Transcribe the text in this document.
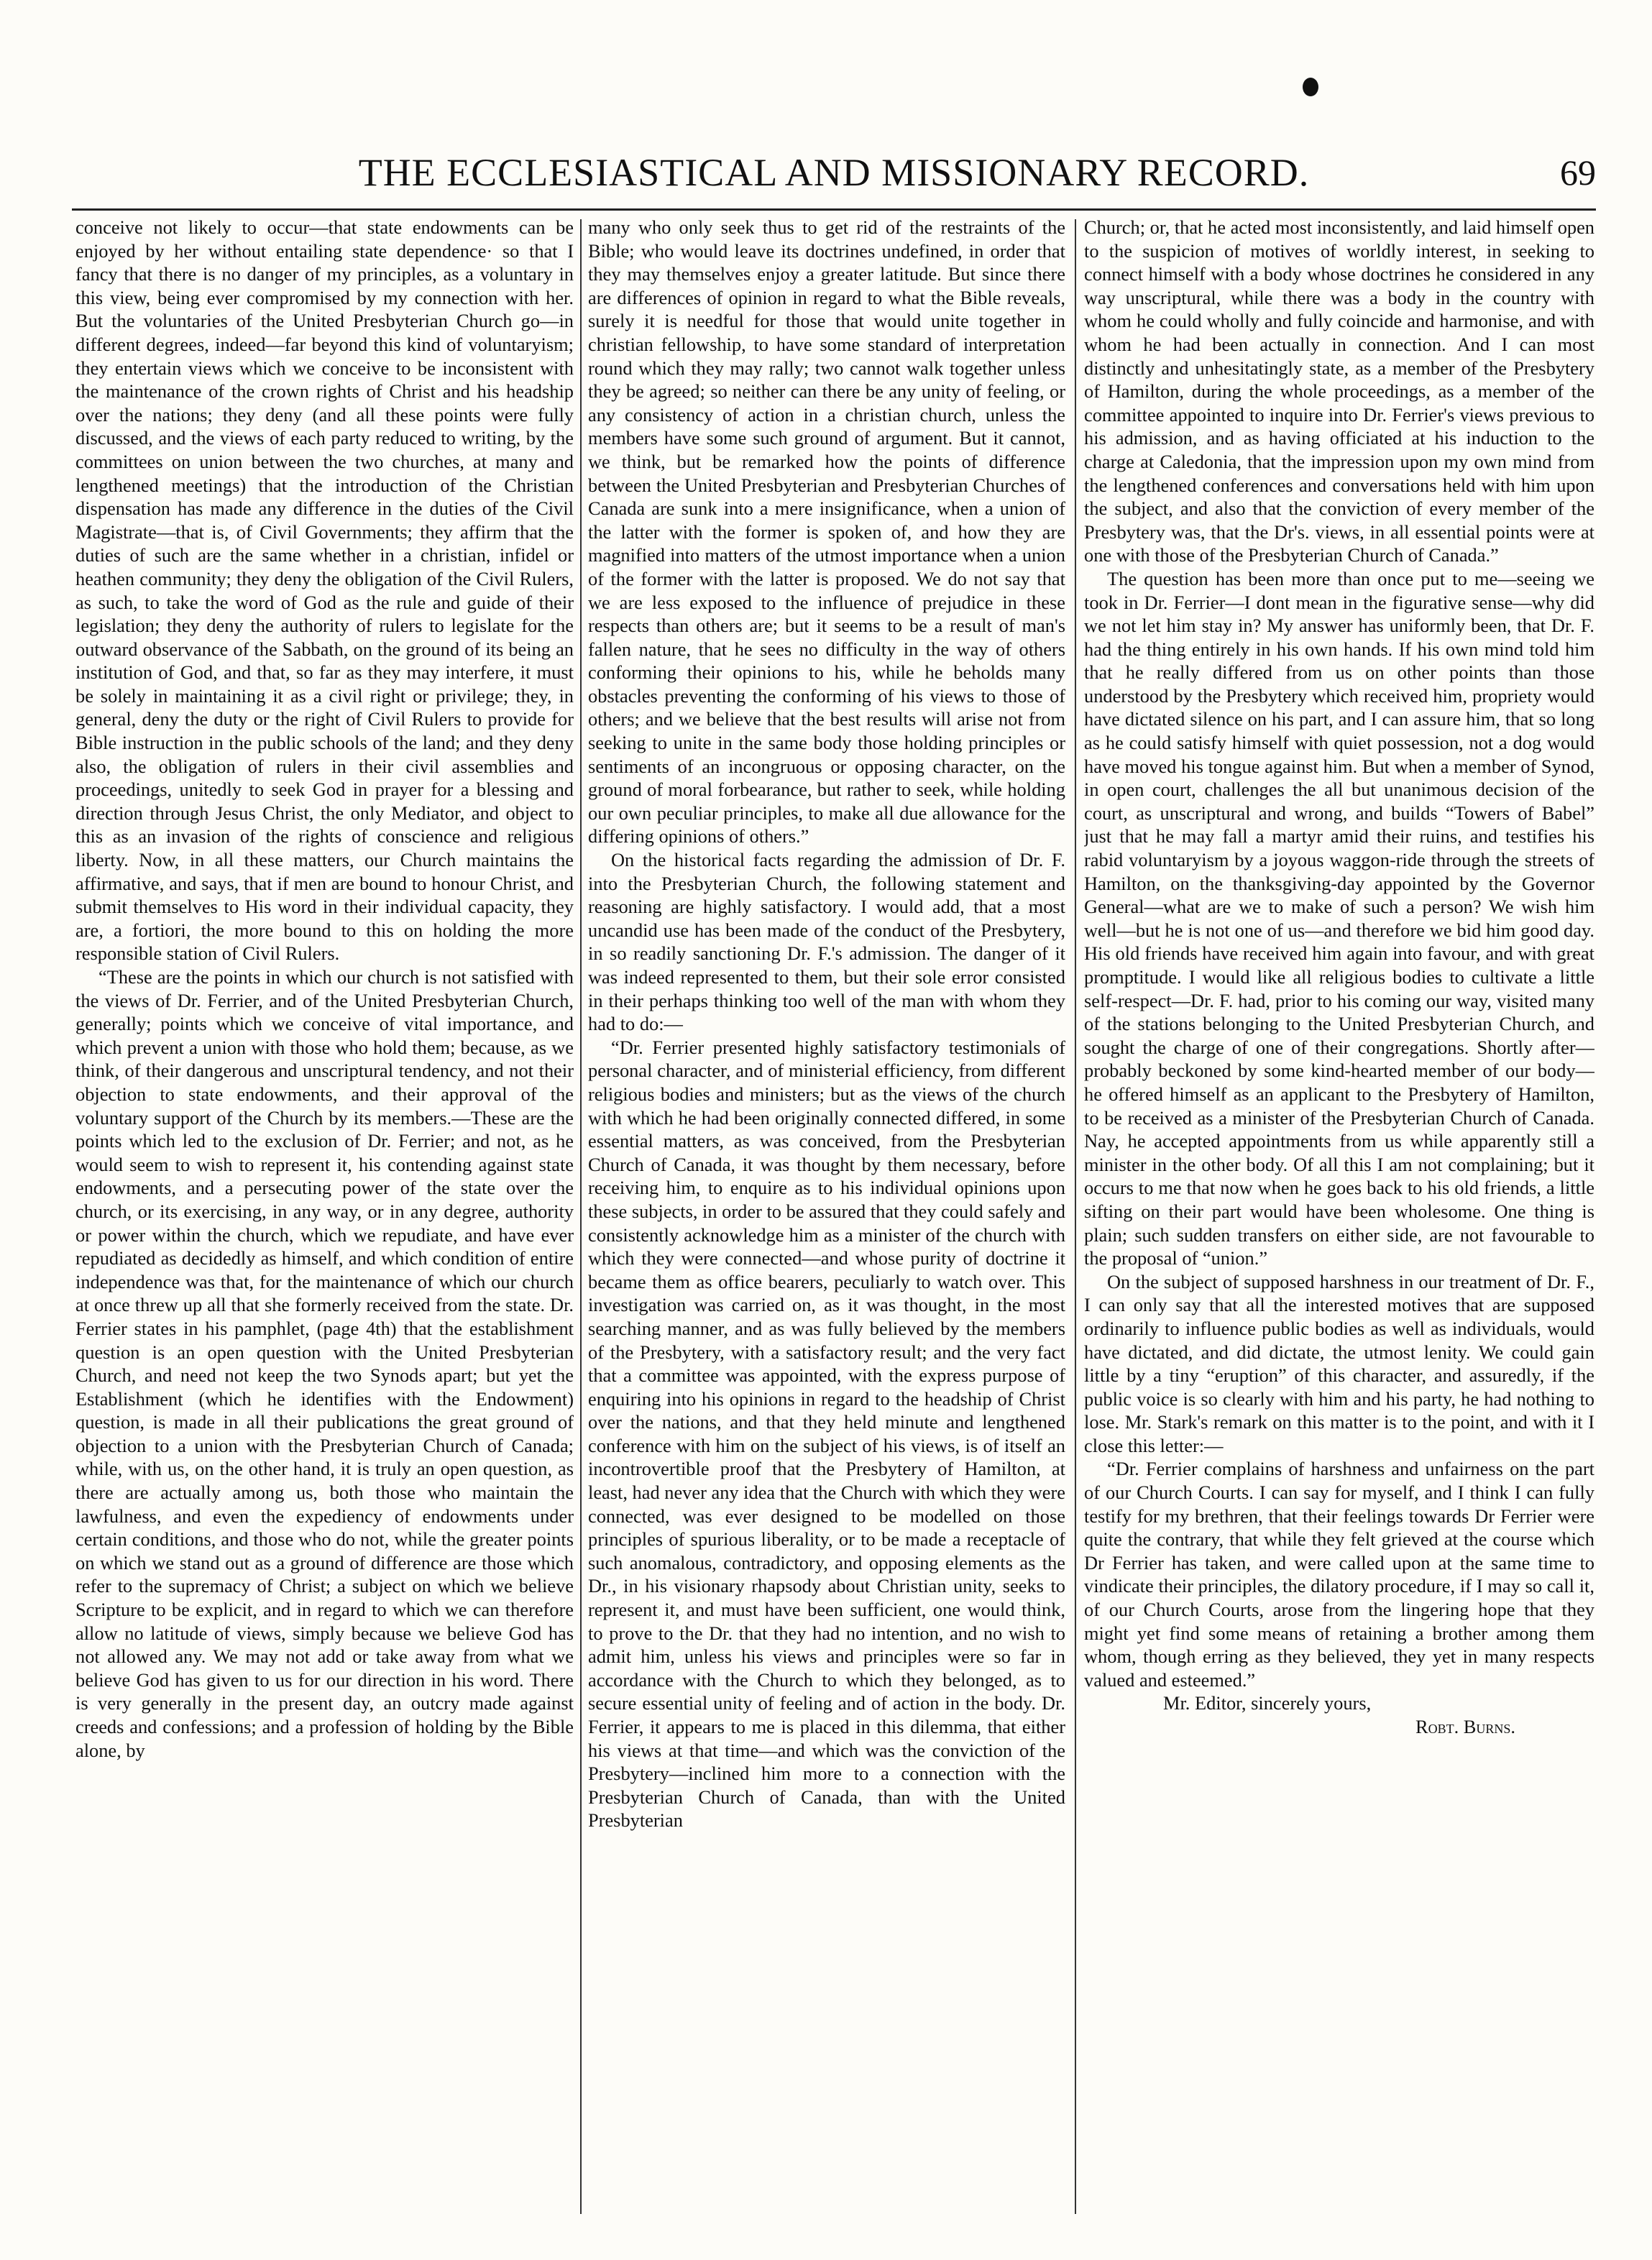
THE ECCLESIASTICAL AND MISSIONARY RECORD.	69

conceive not likely to occur—that state endowments can be enjoyed by her without entailing state dependence· so that I fancy that there is no danger of my principles, as a voluntary in this view, being ever compromised by my connection with her. But the voluntaries of the United Presbyterian Church go—in different degrees, indeed—far beyond this kind of voluntaryism; they entertain views which we conceive to be inconsistent with the maintenance of the crown rights of Christ and his headship over the nations; they deny (and all these points were fully discussed, and the views of each party reduced to writing, by the committees on union between the two churches, at many and lengthened meetings) that the introduction of the Christian dispensation has made any difference in the duties of the Civil Magistrate—that is, of Civil Governments; they affirm that the duties of such are the same whether in a christian, infidel or heathen community; they deny the obligation of the Civil Rulers, as such, to take the word of God as the rule and guide of their legislation; they deny the authority of rulers to legislate for the outward observance of the Sabbath, on the ground of its being an institution of God, and that, so far as they may interfere, it must be solely in maintaining it as a civil right or privilege; they, in general, deny the duty or the right of Civil Rulers to provide for Bible instruction in the public schools of the land; and they deny also, the obligation of rulers in their civil assemblies and proceedings, unitedly to seek God in prayer for a blessing and direction through Jesus Christ, the only Mediator, and object to this as an invasion of the rights of conscience and religious liberty. Now, in all these matters, our Church maintains the affirmative, and says, that if men are bound to honour Christ, and submit themselves to His word in their individual capacity, they are, a fortiori, the more bound to this on holding the more responsible station of Civil Rulers.

“These are the points in which our church is not satisfied with the views of Dr. Ferrier, and of the United Presbyterian Church, generally; points which we conceive of vital importance, and which prevent a union with those who hold them; because, as we think, of their dangerous and unscriptural tendency, and not their objection to state endowments, and their approval of the voluntary support of the Church by its members.—These are the points which led to the exclusion of Dr. Ferrier; and not, as he would seem to wish to represent it, his contending against state endowments, and a persecuting power of the state over the church, or its exercising, in any way, or in any degree, authority or power within the church, which we repudiate, and have ever repudiated as decidedly as himself, and which condition of entire independence was that, for the maintenance of which our church at once threw up all that she formerly received from the state. Dr. Ferrier states in his pamphlet, (page 4th) that the establishment question is an open question with the United Presbyterian Church, and need not keep the two Synods apart; but yet the Establishment (which he identifies with the Endowment) question, is made in all their publications the great ground of objection to a union with the Presbyterian Church of Canada; while, with us, on the other hand, it is truly an open question, as there are actually among us, both those who maintain the lawfulness, and even the expediency of endowments under certain conditions, and those who do not, while the greater points on which we stand out as a ground of difference are those which refer to the supremacy of Christ; a subject on which we believe Scripture to be explicit, and in regard to which we can therefore allow no latitude of views, simply because we believe God has not allowed any. We may not add or take away from what we believe God has given to us for our direction in his word. There is very generally in the present day, an outcry made against creeds and confessions; and a profession of holding by the Bible alone, by

many who only seek thus to get rid of the restraints of the Bible; who would leave its doctrines undefined, in order that they may themselves enjoy a greater latitude. But since there are differences of opinion in regard to what the Bible reveals, surely it is needful for those that would unite together in christian fellowship, to have some standard of interpretation round which they may rally; two cannot walk together unless they be agreed; so neither can there be any unity of feeling, or any consistency of action in a christian church, unless the members have some such ground of argument. But it cannot, we think, but be remarked how the points of difference between the United Presbyterian and Presbyterian Churches of Canada are sunk into a mere insignificance, when a union of the latter with the former is spoken of, and how they are magnified into matters of the utmost importance when a union of the former with the latter is proposed. We do not say that we are less exposed to the influence of prejudice in these respects than others are; but it seems to be a result of man's fallen nature, that he sees no difficulty in the way of others conforming their opinions to his, while he beholds many obstacles preventing the conforming of his views to those of others; and we believe that the best results will arise not from seeking to unite in the same body those holding principles or sentiments of an incongruous or opposing character, on the ground of moral forbearance, but rather to seek, while holding our own peculiar principles, to make all due allowance for the differing opinions of others.”

On the historical facts regarding the admission of Dr. F. into the Presbyterian Church, the following statement and reasoning are highly satisfactory. I would add, that a most uncandid use has been made of the conduct of the Presbytery, in so readily sanctioning Dr. F.'s admission. The danger of it was indeed represented to them, but their sole error consisted in their perhaps thinking too well of the man with whom they had to do:—

“Dr. Ferrier presented highly satisfactory testimonials of personal character, and of ministerial efficiency, from different religious bodies and ministers; but as the views of the church with which he had been originally connected differed, in some essential matters, as was conceived, from the Presbyterian Church of Canada, it was thought by them necessary, before receiving him, to enquire as to his individual opinions upon these subjects, in order to be assured that they could safely and consistently acknowledge him as a minister of the church with which they were connected—and whose purity of doctrine it became them as office bearers, peculiarly to watch over. This investigation was carried on, as it was thought, in the most searching manner, and as was fully believed by the members of the Presbytery, with a satisfactory result; and the very fact that a committee was appointed, with the express purpose of enquiring into his opinions in regard to the headship of Christ over the nations, and that they held minute and lengthened conference with him on the subject of his views, is of itself an incontrovertible proof that the Presbytery of Hamilton, at least, had never any idea that the Church with which they were connected, was ever designed to be modelled on those principles of spurious liberality, or to be made a receptacle of such anomalous, contradictory, and opposing elements as the Dr., in his visionary rhapsody about Christian unity, seeks to represent it, and must have been sufficient, one would think, to prove to the Dr. that they had no intention, and no wish to admit him, unless his views and principles were so far in accordance with the Church to which they belonged, as to secure essential unity of feeling and of action in the body. Dr. Ferrier, it appears to me is placed in this dilemma, that either his views at that time—and which was the conviction of the Presbytery—inclined him more to a connection with the Presbyterian Church of Canada, than with the United Presbyterian

Church; or, that he acted most inconsistently, and laid himself open to the suspicion of motives of worldly interest, in seeking to connect himself with a body whose doctrines he considered in any way unscriptural, while there was a body in the country with whom he could wholly and fully coincide and harmonise, and with whom he had been actually in connection. And I can most distinctly and unhesitatingly state, as a member of the Presbytery of Hamilton, during the whole proceedings, as a member of the committee appointed to inquire into Dr. Ferrier's views previous to his admission, and as having officiated at his induction to the charge at Caledonia, that the impression upon my own mind from the lengthened conferences and conversations held with him upon the subject, and also that the conviction of every member of the Presbytery was, that the Dr's. views, in all essential points were at one with those of the Presbyterian Church of Canada.”

The question has been more than once put to me—seeing we took in Dr. Ferrier—I dont mean in the figurative sense—why did we not let him stay in? My answer has uniformly been, that Dr. F. had the thing entirely in his own hands. If his own mind told him that he really differed from us on other points than those understood by the Presbytery which received him, propriety would have dictated silence on his part, and I can assure him, that so long as he could satisfy himself with quiet possession, not a dog would have moved his tongue against him. But when a member of Synod, in open court, challenges the all but unanimous decision of the court, as unscriptural and wrong, and builds “Towers of Babel” just that he may fall a martyr amid their ruins, and testifies his rabid voluntaryism by a joyous waggon-ride through the streets of Hamilton, on the thanksgiving-day appointed by the Governor General—what are we to make of such a person? We wish him well—but he is not one of us—and therefore we bid him good day. His old friends have received him again into favour, and with great promptitude. I would like all religious bodies to cultivate a little self-respect—Dr. F. had, prior to his coming our way, visited many of the stations belonging to the United Presbyterian Church, and sought the charge of one of their congregations. Shortly after—probably beckoned by some kind-hearted member of our body—he offered himself as an applicant to the Presbytery of Hamilton, to be received as a minister of the Presbyterian Church of Canada. Nay, he accepted appointments from us while apparently still a minister in the other body. Of all this I am not complaining; but it occurs to me that now when he goes back to his old friends, a little sifting on their part would have been wholesome. One thing is plain; such sudden transfers on either side, are not favourable to the proposal of “union.”

On the subject of supposed harshness in our treatment of Dr. F., I can only say that all the interested motives that are supposed ordinarily to influence public bodies as well as individuals, would have dictated, and did dictate, the utmost lenity. We could gain little by a tiny “eruption” of this character, and assuredly, if the public voice is so clearly with him and his party, he had nothing to lose. Mr. Stark's remark on this matter is to the point, and with it I close this letter:—

“Dr. Ferrier complains of harshness and unfairness on the part of our Church Courts. I can say for myself, and I think I can fully testify for my brethren, that their feelings towards Dr Ferrier were quite the contrary, that while they felt grieved at the course which Dr Ferrier has taken, and were called upon at the same time to vindicate their principles, the dilatory procedure, if I may so call it, of our Church Courts, arose from the lingering hope that they might yet find some means of retaining a brother among them whom, though erring as they believed, they yet in many respects valued and esteemed.”

Mr. Editor, sincerely yours,

Robt. Burns.
